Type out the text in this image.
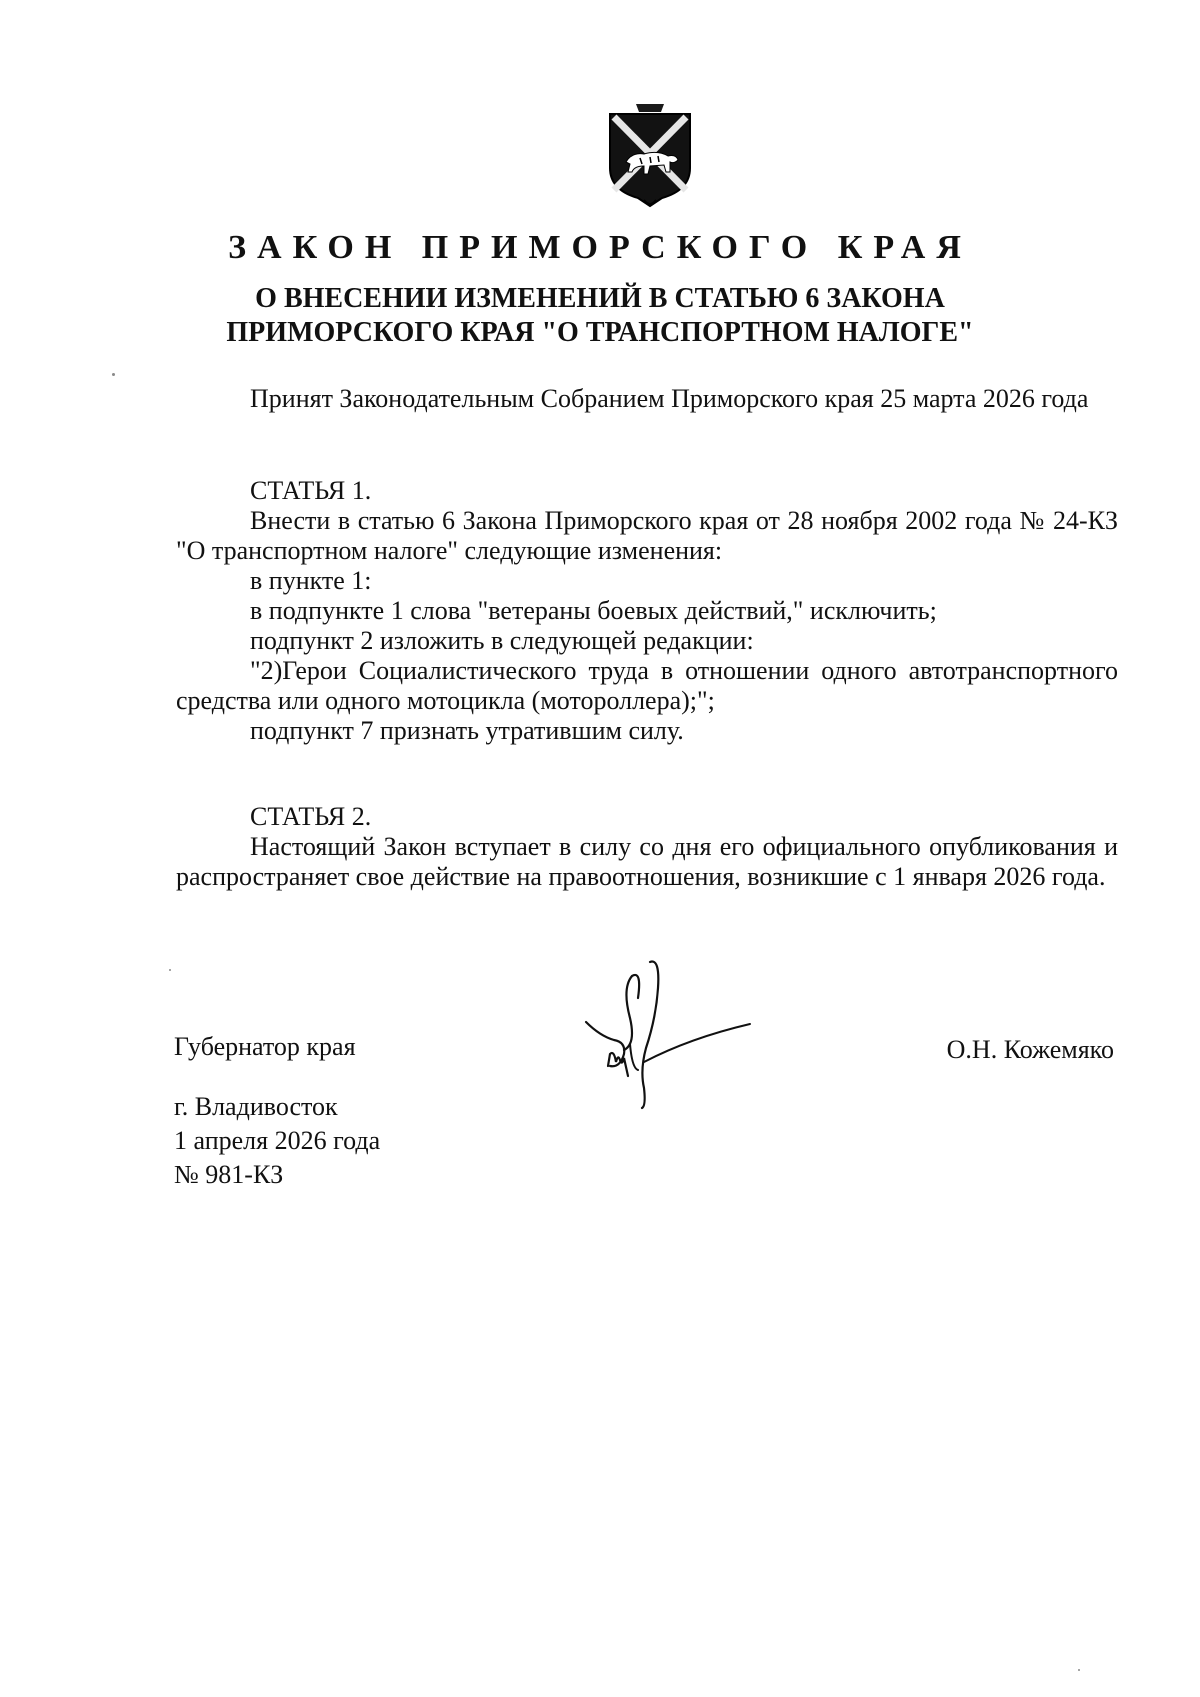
ЗАКОН ПРИМОРСКОГО КРАЯ
О ВНЕСЕНИИ ИЗМЕНЕНИЙ В СТАТЬЮ 6 ЗАКОНА
ПРИМОРСКОГО КРАЯ "О ТРАНСПОРТНОМ НАЛОГЕ"

Принят Законодательным Собранием Приморского края 25 марта 2026 года

СТАТЬЯ 1.
Внести в статью 6 Закона Приморского края от 28 ноября 2002 года № 24-КЗ "О транспортном налоге" следующие изменения:
в пункте 1:
в подпункте 1 слова "ветераны боевых действий," исключить;
подпункт 2 изложить в следующей редакции:
"2)Герои Социалистического труда в отношении одного автотранспортного средства или одного мотоцикла (мотороллера);";
подпункт 7 признать утратившим силу.
СТАТЬЯ 2.
Настоящий Закон вступает в силу со дня его официального опубликования и распространяет свое действие на правоотношения, возникшие с 1 января 2026 года.

Губернатор края	О.Н. Кожемяко

г. Владивосток
1 апреля 2026 года
№ 981-КЗ
